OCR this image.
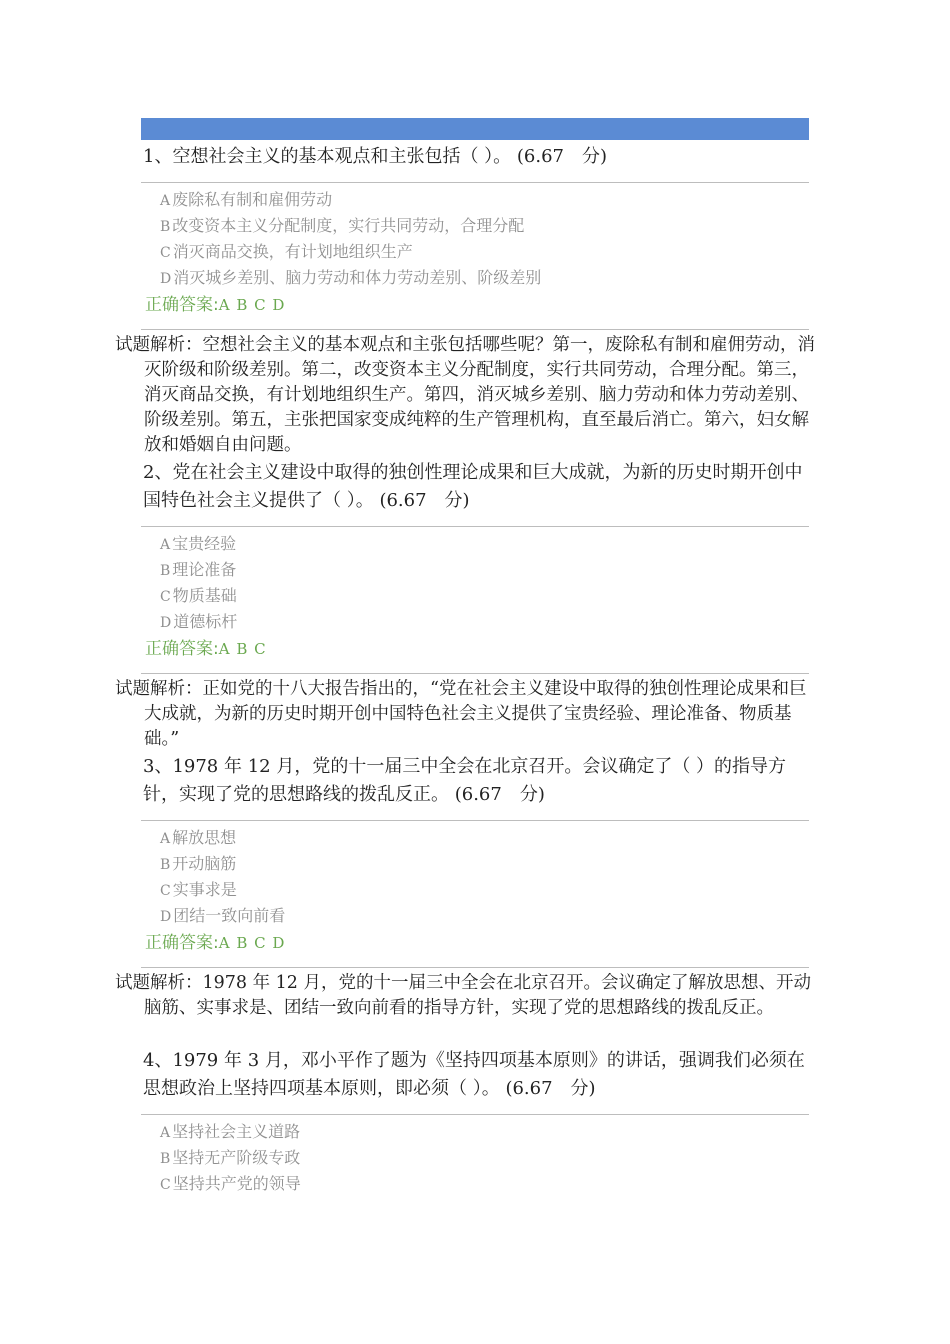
1、空想社会主义的基本观点和主张包括（ ）。 (6.67　分)
A 废除私有制和雇佣劳动
B 改变资本主义分配制度，实行共同劳动，合理分配
C 消灭商品交换，有计划地组织生产
D 消灭城乡差别、脑力劳动和体力劳动差别、阶级差别
正确答案:A B C D
试题解析：空想社会主义的基本观点和主张包括哪些呢？第一，废除私有制和雇佣劳动，消灭阶级和阶级差别。第二，改变资本主义分配制度，实行共同劳动，合理分配。第三，消灭商品交换，有计划地组织生产。第四，消灭城乡差别、脑力劳动和体力劳动差别、阶级差别。第五，主张把国家变成纯粹的生产管理机构，直至最后消亡。第六，妇女解放和婚姻自由问题。
2、党在社会主义建设中取得的独创性理论成果和巨大成就，为新的历史时期开创中国特色社会主义提供了（ ）。 (6.67　分)
A 宝贵经验
B 理论准备
C 物质基础
D 道德标杆
正确答案:A B C
试题解析：正如党的十八大报告指出的，“党在社会主义建设中取得的独创性理论成果和巨大成就，为新的历史时期开创中国特色社会主义提供了宝贵经验、理论准备、物质基础。”
3、1978 年 12 月，党的十一届三中全会在北京召开。会议确定了（ ）的指导方针，实现了党的思想路线的拨乱反正。 (6.67　分)
A 解放思想
B 开动脑筋
C 实事求是
D 团结一致向前看
正确答案:A B C D
试题解析：1978 年 12 月，党的十一届三中全会在北京召开。会议确定了解放思想、开动脑筋、实事求是、团结一致向前看的指导方针，实现了党的思想路线的拨乱反正。
4、1979 年 3 月，邓小平作了题为《坚持四项基本原则》的讲话，强调我们必须在思想政治上坚持四项基本原则，即必须（ ）。 (6.67　分)
A 坚持社会主义道路
B 坚持无产阶级专政
C 坚持共产党的领导
